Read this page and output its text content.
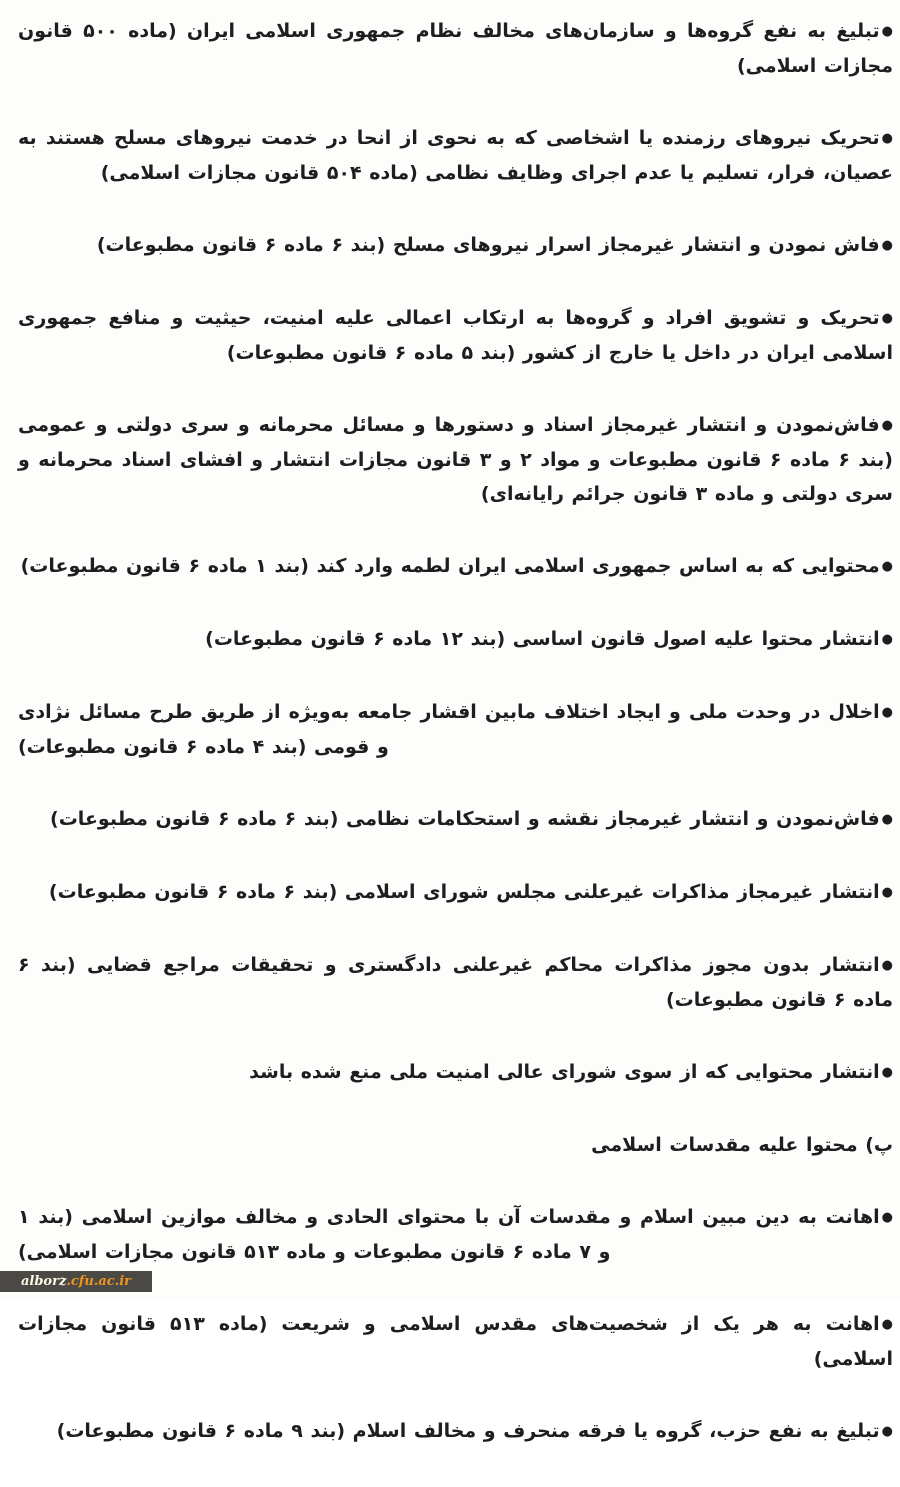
●تبلیغ به نفع گروه‌ها و سازمان‌های مخالف نظام جمهوری اسلامی ایران (ماده ۵۰۰ قانون مجازات اسلامی)

●تحریک نیروهای رزمنده یا اشخاصی که به نحوی از انحا در خدمت نیروهای مسلح هستند به عصیان، فرار، تسلیم یا عدم اجرای وظایف نظامی (ماده ۵۰۴ قانون مجازات اسلامی)

●فاش نمودن و انتشار غیرمجاز اسرار نیروهای مسلح (بند ۶ ماده ۶ قانون مطبوعات)

●تحریک و تشویق افراد و گروه‌ها به ارتکاب اعمالی علیه امنیت، حیثیت و منافع جمهوری اسلامی ایران در داخل یا خارج از کشور (بند ۵ ماده ۶ قانون مطبوعات)

●فاش‌نمودن و انتشار غیرمجاز اسناد و دستورها و مسائل محرمانه و سری دولتی و عمومی (بند ۶ ماده ۶ قانون مطبوعات و مواد ۲ و ۳ قانون مجازات انتشار و افشای اسناد محرمانه و سری دولتی و ماده ۳ قانون جرائم رایانه‌ای)

●محتوایی که به اساس جمهوری اسلامی ایران لطمه وارد کند (بند ۱ ماده ۶ قانون مطبوعات)

●انتشار محتوا علیه اصول قانون اساسی (بند ۱۲ ماده ۶ قانون مطبوعات)

●اخلال در وحدت ملی و ایجاد اختلاف مابین اقشار جامعه به‌ویژه از طریق طرح مسائل نژادی و قومی (بند ۴ ماده ۶ قانون مطبوعات)

●فاش‌نمودن و انتشار غیرمجاز نقشه و استحکامات نظامی (بند ۶ ماده ۶ قانون مطبوعات)

●انتشار غیرمجاز مذاکرات غیرعلنی مجلس شورای اسلامی (بند ۶ ماده ۶ قانون مطبوعات)

●انتشار بدون مجوز مذاکرات محاکم غیرعلنی دادگستری و تحقیقات مراجع قضایی (بند ۶ ماده ۶ قانون مطبوعات)

●انتشار محتوایی که از سوی شورای عالی امنیت ملی منع شده باشد

پ) محتوا علیه مقدسات اسلامی

●اهانت به دین مبین اسلام و مقدسات آن با محتوای الحادی و مخالف موازین اسلامی (بند ۱ و ۷ ماده ۶ قانون مطبوعات و ماده ۵۱۳ قانون مجازات اسلامی)

●اهانت به هر یک از شخصیت‌های مقدس اسلامی و شریعت (ماده ۵۱۳ قانون مجازات اسلامی)

●تبلیغ به نفع حزب، گروه یا فرقه منحرف و مخالف اسلام (بند ۹ ماده ۶ قانون مطبوعات)

alborz .cfu.ac.ir
